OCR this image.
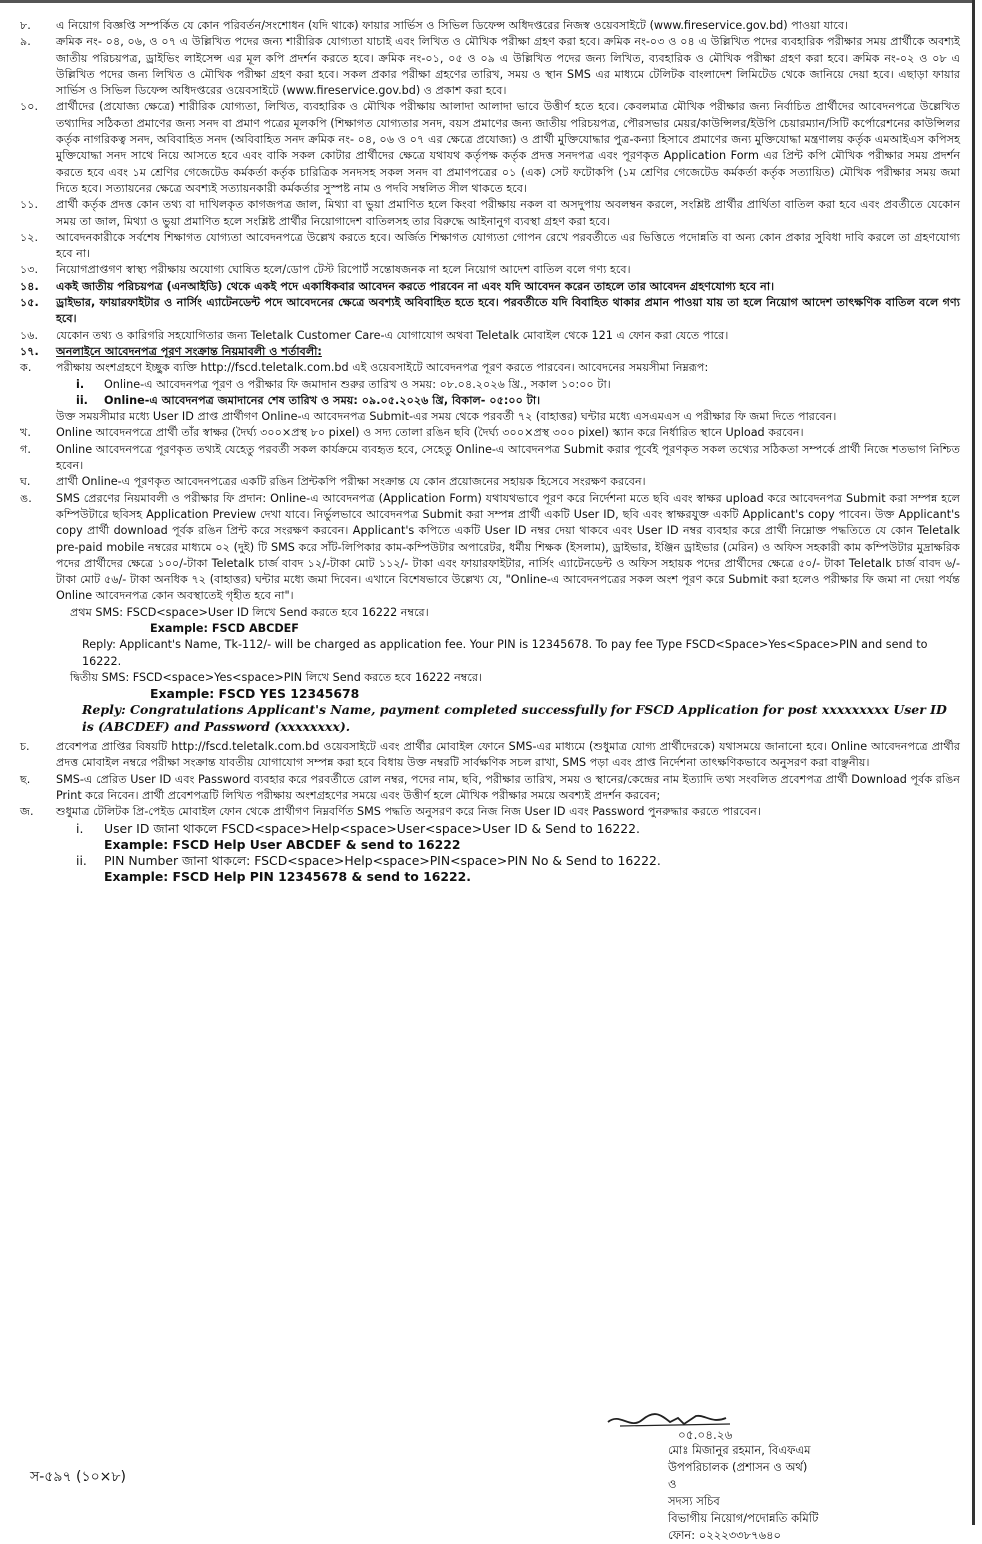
৮.	এ নিয়োগ বিজ্ঞপ্তি সম্পর্কিত যে কোন পরিবর্তন/সংশোধন (যদি থাকে) ফায়ার সার্ভিস ও সিভিল ডিফেন্স অধিদপ্তরের নিজস্ব ওয়েবসাইটে (www.fireservice.gov.bd) পাওয়া যাবে।
৯.	ক্রমিক নং- ০৪, ০৬, ও ০৭ এ উল্লিখিত পদের জন্য শারীরিক যোগ্যতা যাচাই এবং লিখিত ও মৌখিক পরীক্ষা গ্রহণ করা হবে। ক্রমিক নং-০৩ ও ০৪ এ উল্লিখিত পদের ব্যবহারিক পরীক্ষার সময় প্রার্থীকে অবশ্যই জাতীয় পরিচয়পত্র, ড্রাইভিং লাইসেন্স এর মূল কপি প্রদর্শন করতে হবে। ক্রমিক নং-০১, ০৫ ও ০৯ এ উল্লিখিত পদের জন্য লিখিত, ব্যবহারিক ও মৌখিক পরীক্ষা গ্রহণ করা হবে। ক্রমিক নং-০২ ও ০৮ এ উল্লিখিত পদের জন্য লিখিত ও মৌখিক পরীক্ষা গ্রহণ করা হবে। সকল প্রকার পরীক্ষা গ্রহণের তারিখ, সময় ও স্থান SMS এর মাধ্যমে টেলিটক বাংলাদেশ লিমিটেড থেকে জানিয়ে দেয়া হবে। এছাড়া ফায়ার সার্ভিস ও সিভিল ডিফেন্স অধিদপ্তরের ওয়েবসাইটে (www.fireservice.gov.bd) ও প্রকাশ করা হবে।
১০.	প্রার্থীদের (প্রযোজ্য ক্ষেত্রে) শারীরিক যোগ্যতা, লিখিত, ব্যবহারিক ও মৌখিক পরীক্ষায় আলাদা আলাদা ভাবে উত্তীর্ণ হতে হবে। কেবলমাত্র মৌখিক পরীক্ষার জন্য নির্বাচিত প্রার্থীদের আবেদনপত্রে উল্লেখিত তথ্যাদির সঠিকতা প্রমাণের জন্য সনদ বা প্রমাণ পত্রের মূলকপি (শিক্ষাগত যোগ্যতার সনদ, বয়স প্রমাণের জন্য জাতীয় পরিচয়পত্র, পৌরসভার মেয়র/কাউন্সিলর/ইউপি চেয়ারম্যান/সিটি কর্পোরেশনের কাউন্সিলর কর্তৃক নাগরিকত্ব সনদ, অবিবাহিত সনদ (অবিবাহিত সনদ ক্রমিক নং- ০৪, ০৬ ও ০৭ এর ক্ষেত্রে প্রযোজ্য) ও প্রার্থী মুক্তিযোদ্ধার পুত্র-কন্যা হিসাবে প্রমাণের জন্য মুক্তিযোদ্ধা মন্ত্রণালয় কর্তৃক এমআইএস কপিসহ মুক্তিযোদ্ধা সনদ সাথে নিয়ে আসতে হবে এবং বাকি সকল কোটার প্রার্থীদের ক্ষেত্রে যথাযথ কর্তৃপক্ষ কর্তৃক প্রদত্ত সনদপত্র এবং পূরণকৃত Application Form এর প্রিন্ট কপি মৌখিক পরীক্ষার সময় প্রদর্শন করতে হবে এবং ১ম শ্রেণির গেজেটেড কর্মকর্তা কর্তৃক চারিত্রিক সনদসহ সকল সনদ বা প্রমাণপত্রের ০১ (এক) সেট ফটোকপি (১ম শ্রেণির গেজেটেড কর্মকর্তা কর্তৃক সত্যায়িত) মৌখিক পরীক্ষার সময় জমা দিতে হবে। সত্যায়নের ক্ষেত্রে অবশ্যই সত্যায়নকারী কর্মকর্তার সুস্পষ্ট নাম ও পদবি সম্বলিত সীল থাকতে হবে।
১১.	প্রার্থী কর্তৃক প্রদত্ত কোন তথ্য বা দাখিলকৃত কাগজপত্র জাল, মিথ্যা বা ভুয়া প্রমাণিত হলে কিংবা পরীক্ষায় নকল বা অসদুপায় অবলম্বন করলে, সংশ্লিষ্ট প্রার্থীর প্রার্থিতা বাতিল করা হবে এবং প্রবর্তীতে যেকোন সময় তা জাল, মিথ্যা ও ভুয়া প্রমাণিত হলে সংশ্লিষ্ট প্রার্থীর নিয়োগাদেশ বাতিলসহ তার বিরুদ্ধে আইনানুগ ব্যবস্থা গ্রহণ করা হবে।
১২.	আবেদনকারীকে সর্বশেষ শিক্ষাগত যোগ্যতা আবেদনপত্রে উল্লেখ করতে হবে। অর্জিত শিক্ষাগত যোগ্যতা গোপন রেখে পরবর্তীতে এর ভিত্তিতে পদোন্নতি বা অন্য কোন প্রকার সুবিধা দাবি করলে তা গ্রহণযোগ্য হবে না।
১৩.	নিয়োগপ্রাপ্তগণ স্বাস্থ্য পরীক্ষায় অযোগ্য ঘোষিত হলে/ডোপ টেস্ট রিপোর্ট সন্তোষজনক না হলে নিয়োগ আদেশ বাতিল বলে গণ্য হবে।
১৪.	একই জাতীয় পরিচয়পত্র (এনআইডি) থেকে একই পদে একাধিকবার আবেদন করতে পারবেন না এবং যদি আবেদন করেন তাহলে তার আবেদন গ্রহণযোগ্য হবে না।
১৫.	ড্রাইভার, ফায়ারফাইটার ও নার্সিং এ্যাটেনডেন্ট পদে আবেদনের ক্ষেত্রে অবশ্যই অবিবাহিত হতে হবে। পরবর্তীতে যদি বিবাহিত থাকার প্রমান পাওয়া যায় তা হলে নিয়োগ আদেশ তাৎক্ষণিক বাতিল বলে গণ্য হবে।
১৬.	যেকোন তথ্য ও কারিগরি সহযোগিতার জন্য Teletalk Customer Care-এ যোগাযোগ অথবা Teletalk মোবাইল থেকে 121 এ ফোন করা যেতে পারে।
১৭.	অনলাইনে আবেদনপত্র পূরণ সংক্রান্ত নিয়মাবলী ও শর্তাবলী:
ক.	পরীক্ষায় অংশগ্রহণে ইচ্ছুক ব্যক্তি http://fscd.teletalk.com.bd এই ওয়েবসাইটে আবেদনপত্র পূরণ করতে পারবেন। আবেদনের সময়সীমা নিম্নরূপ:
i.	Online-এ আবেদনপত্র পূরণ ও পরীক্ষার ফি জমাদান শুরুর তারিখ ও সময়: ০৮.০৪.২০২৬ খ্রি., সকাল ১০:০০ টা।
ii.	Online-এ আবেদনপত্র জমাদানের শেষ তারিখ ও সময়: ০৯.০৫.২০২৬ খ্রি, বিকাল- ০৫:০০ টা।
উক্ত সময়সীমার মধ্যে User ID প্রাপ্ত প্রার্থীগণ Online-এ আবেদনপত্র Submit-এর সময় থেকে পরবর্তী ৭২ (বাহাত্তর) ঘন্টার মধ্যে এসএমএস এ পরীক্ষার ফি জমা দিতে পারবেন।
খ.	Online আবেদনপত্রে প্রার্থী তাঁর স্বাক্ষর (দৈর্ঘ্য ৩০০×প্রস্থ ৮০ pixel) ও সদ্য তোলা রঙিন ছবি (দৈর্ঘ্য ৩০০×প্রস্থ ৩০০ pixel) স্ক্যান করে নির্ধারিত স্থানে Upload করবেন।
গ.	Online আবেদনপত্রে পূরণকৃত তথ্যই যেহেতু পরবর্তী সকল কার্যক্রমে ব্যবহৃত হবে, সেহেতু Online-এ আবেদনপত্র Submit করার পূর্বেই পূরণকৃত সকল তথ্যের সঠিকতা সম্পর্কে প্রার্থী নিজে শতভাগ নিশ্চিত হবেন।
ঘ.	প্রার্থী Online-এ পূরণকৃত আবেদনপত্রের একটি রঙিন প্রিন্টকপি পরীক্ষা সংক্রান্ত যে কোন প্রয়োজনের সহায়ক হিসেবে সংরক্ষণ করবেন।
ঙ.	SMS প্রেরণের নিয়মাবলী ও পরীক্ষার ফি প্রদান: Online-এ আবেদনপত্র (Application Form) যথাযথভাবে পূরণ করে নির্দেশনা মতে ছবি এবং স্বাক্ষর upload করে আবেদনপত্র Submit করা সম্পন্ন হলে কম্পিউটারে ছবিসহ Application Preview দেখা যাবে। নির্ভুলভাবে আবেদনপত্র Submit করা সম্পন্ন প্রার্থী একটি User ID, ছবি এবং স্বাক্ষরযুক্ত একটি Applicant's copy পাবেন। উক্ত Applicant's copy প্রার্থী download পূর্বক রঙিন প্রিন্ট করে সংরক্ষণ করবেন। Applicant's কপিতে একটি User ID নম্বর দেয়া থাকবে এবং User ID নম্বর ব্যবহার করে প্রার্থী নিম্নোক্ত পদ্ধতিতে যে কোন Teletalk pre-paid mobile নম্বরের মাধ্যমে ০২ (দুই) টি SMS করে সাঁট-লিপিকার কাম-কম্পিউটার অপারেটর, ধর্মীয় শিক্ষক (ইসলাম), ড্রাইভার, ইঞ্জিন ড্রাইভার (মেরিন) ও অফিস সহকারী কাম কম্পিউটার মুদ্রাক্ষরিক পদের প্রার্থীদের ক্ষেত্রে ১০০/-টাকা Teletalk চার্জ বাবদ ১২/-টাকা মোট ১১২/- টাকা এবং ফায়ারফাইটার, নার্সিং এ্যাটেনডেন্ট ও অফিস সহায়ক পদের প্রার্থীদের ক্ষেত্রে ৫০/- টাকা Teletalk চার্জ বাবদ ৬/- টাকা মোট ৫৬/- টাকা অনধিক ৭২ (বাহাত্তর) ঘন্টার মধ্যে জমা দিবেন। এখানে বিশেষভাবে উল্লেখ্য যে, "Online-এ আবেদনপত্রের সকল অংশ পূরণ করে Submit করা হলেও পরীক্ষার ফি জমা না দেয়া পর্যন্ত Online আবেদনপত্র কোন অবস্থাতেই গৃহীত হবে না"।
প্রথম SMS: FSCD<space>User ID লিখে Send করতে হবে 16222 নম্বরে।
Example: FSCD ABCDEF
Reply: Applicant's Name, Tk-112/- will be charged as application fee. Your PIN is 12345678. To pay fee Type FSCD<Space>Yes<Space>PIN and send to 16222.
দ্বিতীয় SMS: FSCD<space>Yes<space>PIN লিখে Send করতে হবে 16222 নম্বরে।
Example: FSCD YES 12345678
Reply: Congratulations Applicant's Name, payment completed successfully for FSCD Application for post xxxxxxxxx User ID is (ABCDEF) and Password (xxxxxxxx).
চ.	প্রবেশপত্র প্রাপ্তির বিষয়টি http://fscd.teletalk.com.bd ওয়েবসাইটে এবং প্রার্থীর মোবাইল ফোনে SMS-এর মাধ্যমে (শুধুমাত্র যোগ্য প্রার্থীদেরকে) যথাসময়ে জানানো হবে। Online আবেদনপত্রে প্রার্থীর প্রদত্ত মোবাইল নম্বরে পরীক্ষা সংক্রান্ত যাবতীয় যোগাযোগ সম্পন্ন করা হবে বিধায় উক্ত নম্বরটি সার্বক্ষণিক সচল রাখা, SMS পড়া এবং প্রাপ্ত নির্দেশনা তাৎক্ষণিকভাবে অনুসরণ করা বাঞ্ছনীয়।
ছ.	SMS-এ প্রেরিত User ID এবং Password ব্যবহার করে পরবর্তীতে রোল নম্বর, পদের নাম, ছবি, পরীক্ষার তারিখ, সময় ও স্থানের/কেন্দ্রের নাম ইত্যাদি তথ্য সংবলিত প্রবেশপত্র প্রার্থী Download পূর্বক রঙিন Print করে নিবেন। প্রার্থী প্রবেশপত্রটি লিখিত পরীক্ষায় অংশগ্রহণের সময়ে এবং উত্তীর্ণ হলে মৌখিক পরীক্ষার সময়ে অবশ্যই প্রদর্শন করবেন;
জ.	শুধুমাত্র টেলিটক প্রি-পেইড মোবাইল ফোন থেকে প্রার্থীগণ নিম্নবর্ণিত SMS পদ্ধতি অনুসরণ করে নিজ নিজ User ID এবং Password পুনরুদ্ধার করতে পারবেন।
i.	User ID জানা থাকলে FSCD<space>Help<space>User<space>User ID & Send to 16222.
Example: FSCD Help User ABCDEF & send to 16222
ii.	PIN Number জানা থাকলে: FSCD<space>Help<space>PIN<space>PIN No & Send to 16222.
Example: FSCD Help PIN 12345678 & send to 16222.
০৫.০৪.২৬
মোঃ মিজানুর রহমান, বিএফএম
উপপরিচালক (প্রশাসন ও অর্থ)
ও
সদস্য সচিব
বিভাগীয় নিয়োগ/পদোন্নতি কমিটি
ফোন: ০২২২৩৩৮৭৬৪০
স-৫৯৭ (১০×৮)
